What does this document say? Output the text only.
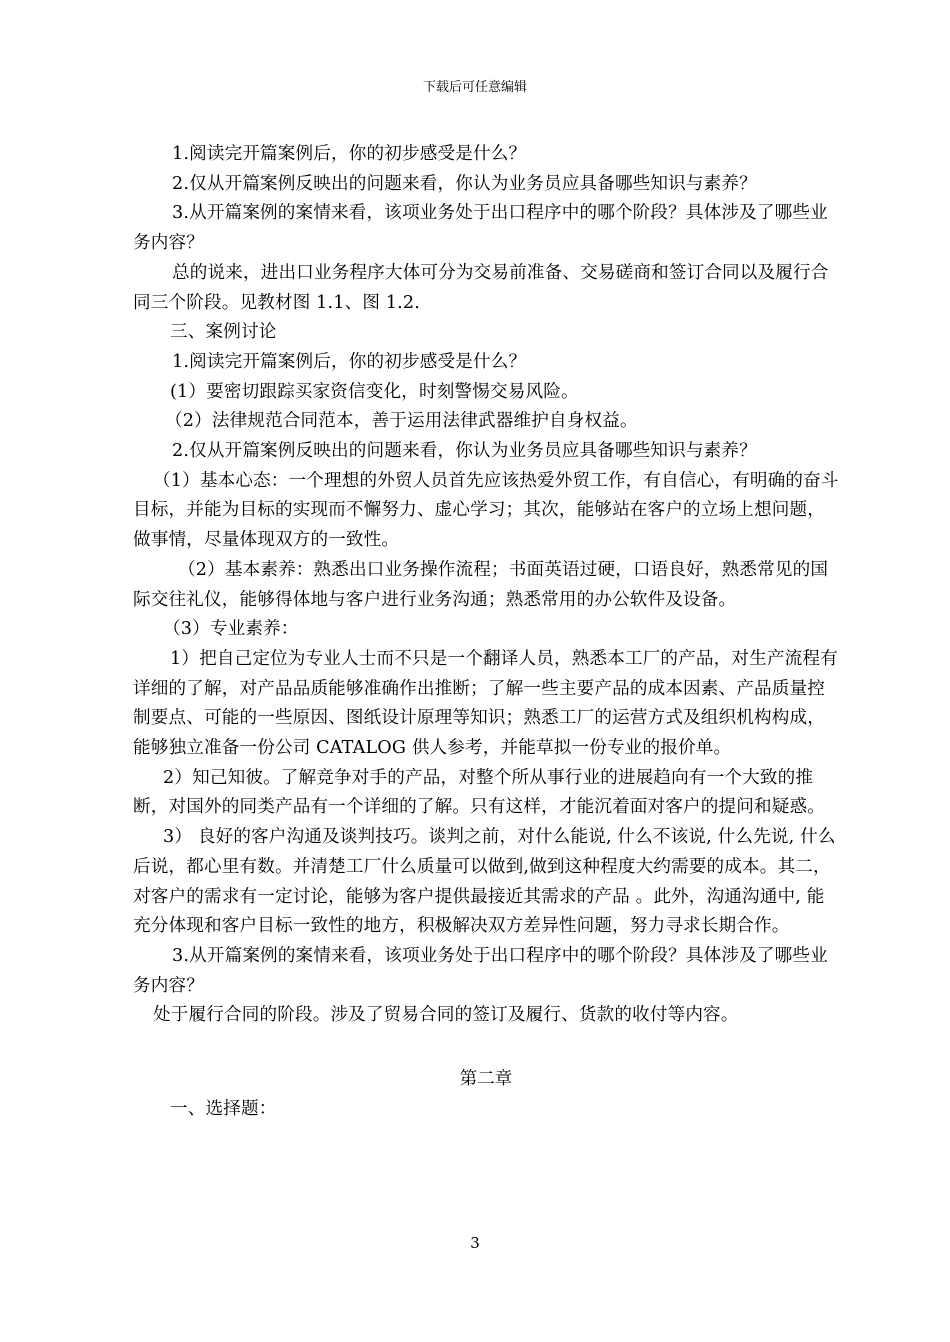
下载后可任意编辑

1.阅读完开篇案例后，你的初步感受是什么？

2.仅从开篇案例反映出的问题来看，你认为业务员应具备哪些知识与素养？

3.从开篇案例的案情来看，该项业务处于出口程序中的哪个阶段？具体涉及了哪些业务内容？

总的说来，进出口业务程序大体可分为交易前准备、交易磋商和签订合同以及履行合同三个阶段。见教材图 1.1、图 1.2.

三、案例讨论

1.阅读完开篇案例后，你的初步感受是什么？

(1）要密切跟踪买家资信变化，时刻警惕交易风险。

（2）法律规范合同范本，善于运用法律武器维护自身权益。

2.仅从开篇案例反映出的问题来看，你认为业务员应具备哪些知识与素养？

（1）基本心态：一个理想的外贸人员首先应该热爱外贸工作，有自信心，有明确的奋斗目标，并能为目标的实现而不懈努力、虚心学习；其次，能够站在客户的立场上想问题，做事情，尽量体现双方的一致性。

（2）基本素养：熟悉出口业务操作流程；书面英语过硬，口语良好，熟悉常见的国际交往礼仪，能够得体地与客户进行业务沟通；熟悉常用的办公软件及设备。

（3）专业素养：

1）把自己定位为专业人士而不只是一个翻译人员，熟悉本工厂的产品，对生产流程有详细的了解，对产品品质能够准确作出推断；了解一些主要产品的成本因素、产品质量控制要点、可能的一些原因、图纸设计原理等知识；熟悉工厂的运营方式及组织机构构成，能够独立准备一份公司 CATALOG 供人参考，并能草拟一份专业的报价单。

2）知己知彼。了解竞争对手的产品，对整个所从事行业的进展趋向有一个大致的推断，对国外的同类产品有一个详细的了解。只有这样，才能沉着面对客户的提问和疑惑。

3） 良好的客户沟通及谈判技巧。谈判之前，对什么能说, 什么不该说, 什么先说, 什么后说，都心里有数。并清楚工厂什么质量可以做到,做到这种程度大约需要的成本。其二，对客户的需求有一定讨论，能够为客户提供最接近其需求的产品 。此外，沟通沟通中, 能充分体现和客户目标一致性的地方，积极解决双方差异性问题，努力寻求长期合作。

3.从开篇案例的案情来看，该项业务处于出口程序中的哪个阶段？具体涉及了哪些业务内容？

处于履行合同的阶段。涉及了贸易合同的签订及履行、货款的收付等内容。

第二章

一、选择题：

3
